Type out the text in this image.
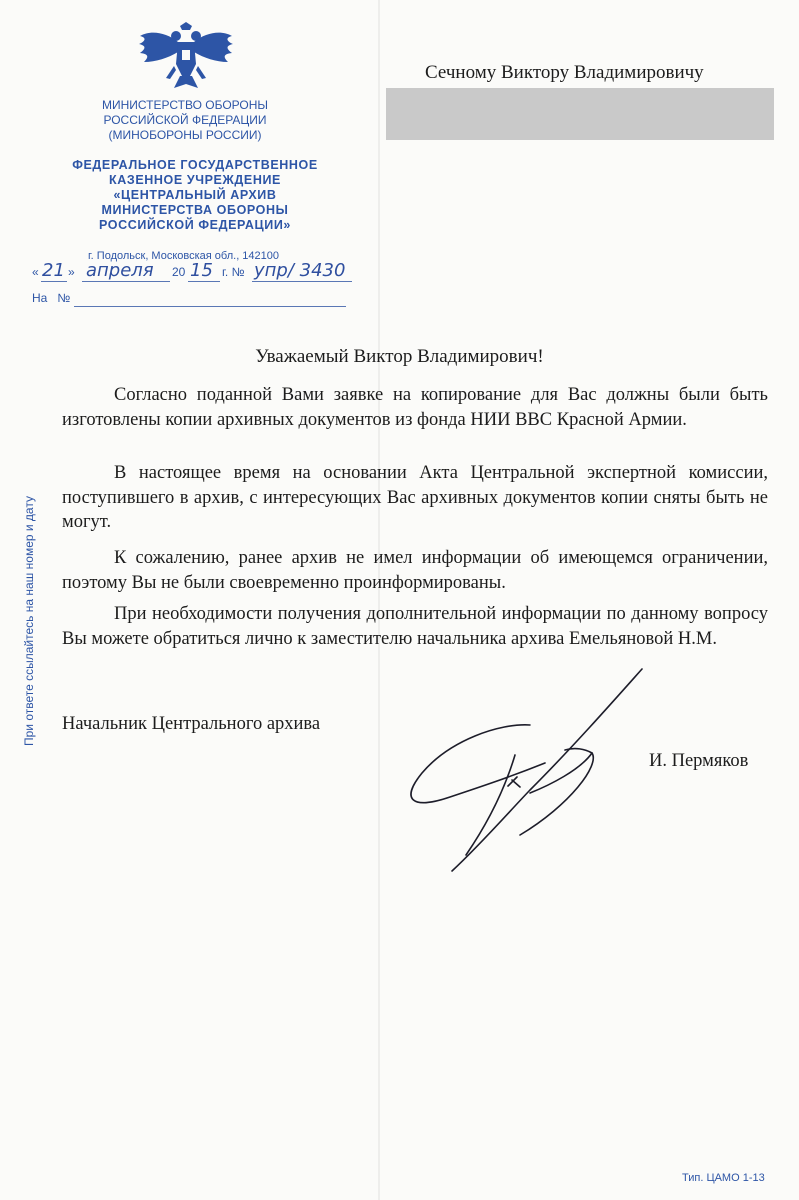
МИНИСТЕРСТВО ОБОРОНЫ
РОССИЙСКОЙ ФЕДЕРАЦИИ
(МИНОБОРОНЫ РОССИИ)
ФЕДЕРАЛЬНОЕ ГОСУДАРСТВЕННОЕ
КАЗЕННОЕ УЧРЕЖДЕНИЕ
«ЦЕНТРАЛЬНЫЙ АРХИВ
МИНИСТЕРСТВА ОБОРОНЫ
РОССИЙСКОЙ ФЕДЕРАЦИИ»
г. Подольск, Московская обл., 142100
« 21 » апреля 20 15 г. № упр/ 3430
На   №
Сечному Виктору Владимировичу
Уважаемый Виктор Владимирович!
Согласно поданной Вами заявке на копирование для Вас должны были быть изготовлены копии архивных документов из фонда НИИ ВВС Красной Армии.
В настоящее время на основании Акта Центральной экспертной комиссии, поступившего в архив, с интересующих Вас архивных документов копии сняты быть не могут.
К сожалению, ранее архив не имел информации об имеющемся ограничении, поэтому Вы не были своевременно проинформированы.
При необходимости получения дополнительной информации по данному вопросу Вы можете обратиться лично к заместителю начальника архива Емельяновой Н.М.
Начальник Центрального архива
И. Пермяков
При ответе ссылайтесь на наш номер и дату
Тип. ЦАМО 1-13
